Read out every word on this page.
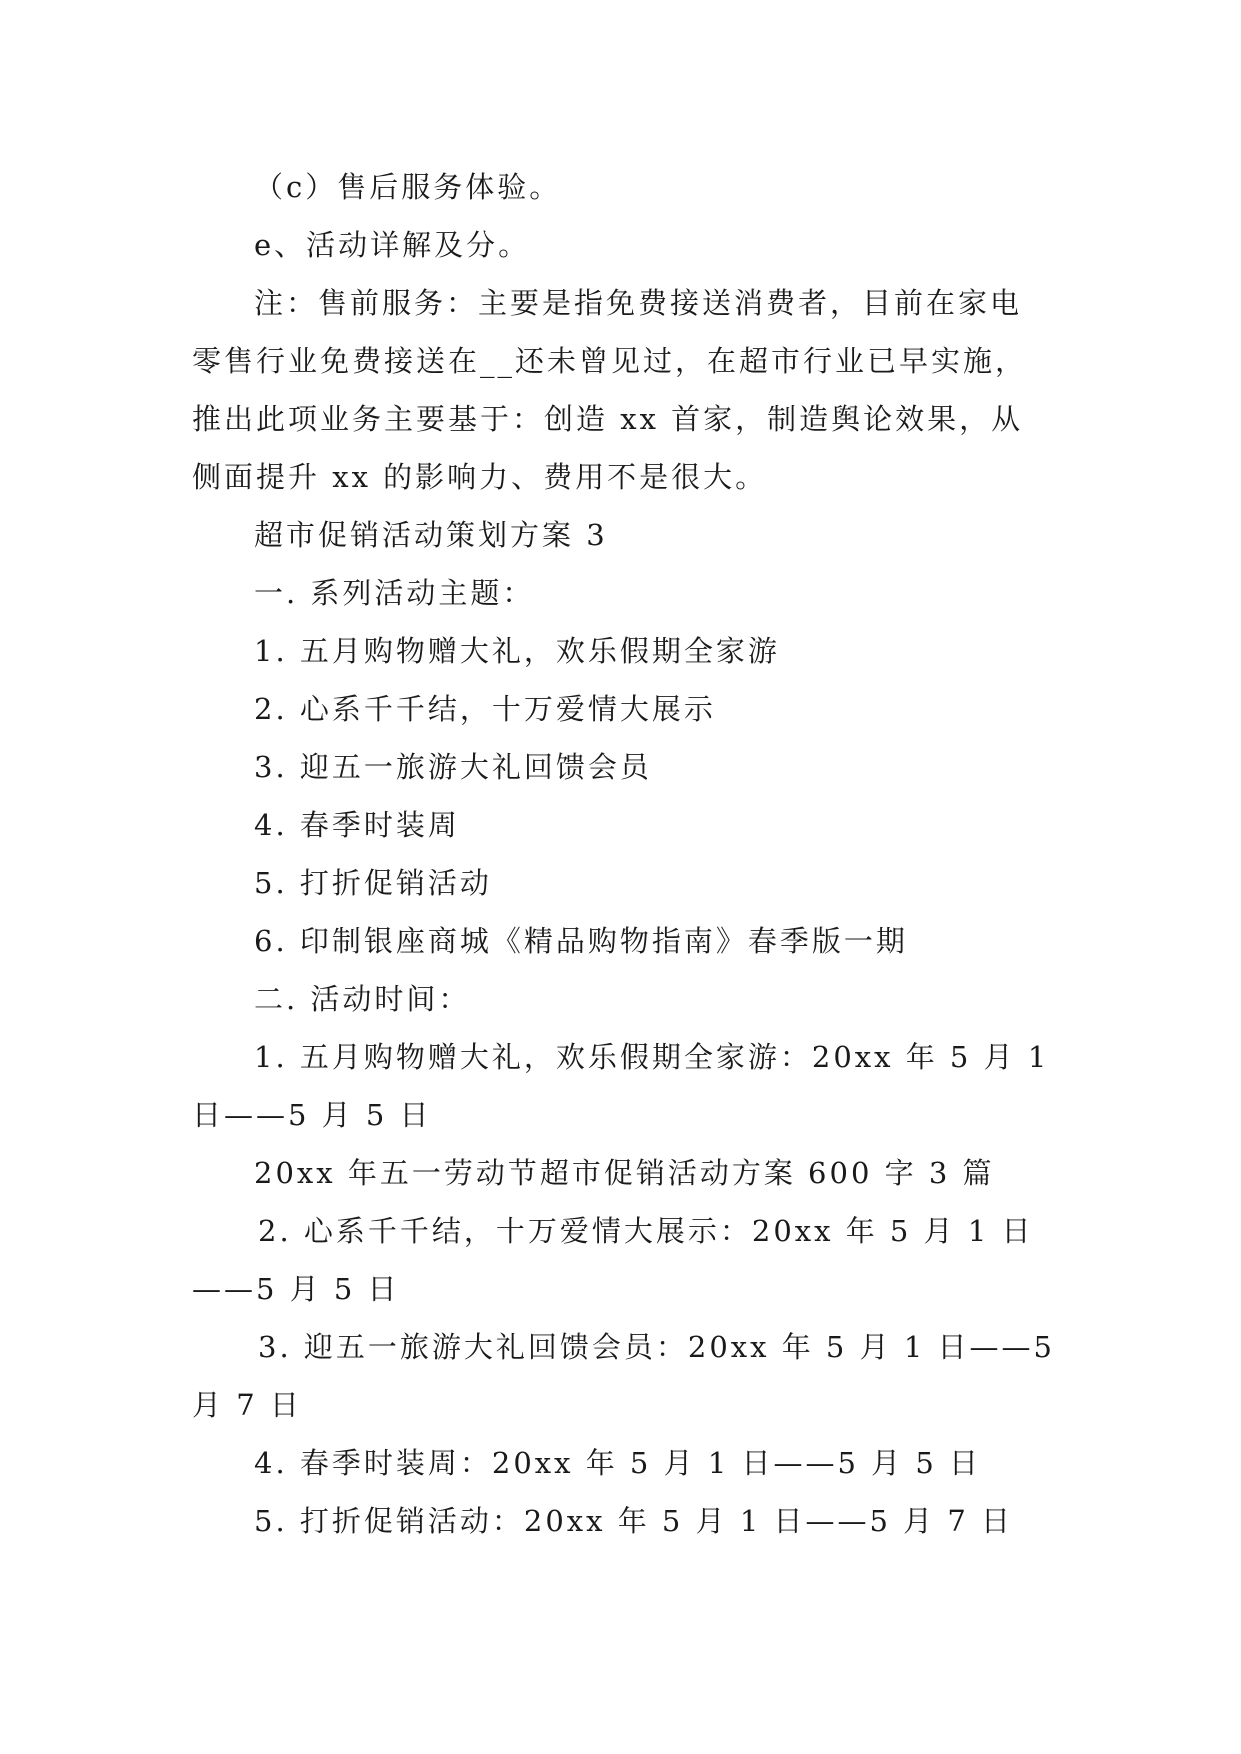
（c）售后服务体验。
e、活动详解及分。
注：售前服务：主要是指免费接送消费者，目前在家电
零售行业免费接送在__还未曾见过，在超市行业已早实施，
推出此项业务主要基于：创造 xx 首家，制造舆论效果，从
侧面提升 xx 的影响力、费用不是很大。
超市促销活动策划方案 3
一. 系列活动主题：
1. 五月购物赠大礼，欢乐假期全家游
2. 心系千千结，十万爱情大展示
3. 迎五一旅游大礼回馈会员
4. 春季时装周
5. 打折促销活动
6. 印制银座商城《精品购物指南》春季版一期
二. 活动时间：
1. 五月购物赠大礼，欢乐假期全家游：20xx 年 5 月 1
日——5 月 5 日
20xx 年五一劳动节超市促销活动方案 600 字 3 篇
2. 心系千千结，十万爱情大展示：20xx 年 5 月 1 日
——5 月 5 日
3. 迎五一旅游大礼回馈会员：20xx 年 5 月 1 日——5
月 7 日
4. 春季时装周：20xx 年 5 月 1 日——5 月 5 日
5. 打折促销活动：20xx 年 5 月 1 日——5 月 7 日
